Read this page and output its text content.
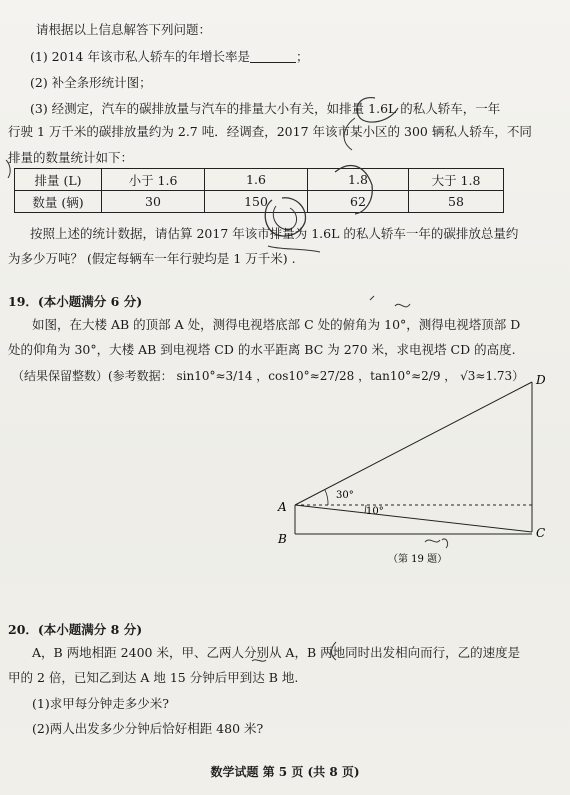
请根据以上信息解答下列问题：
(1) 2014 年该市私人轿车的年增长率是	；
(2) 补全条形统计图；
(3) 经测定，汽车的碳排放量与汽车的排量大小有关，如排量 1.6L 的私人轿车，一年
行驶 1 万千米的碳排放量约为 2.7 吨．经调查，2017 年该市某小区的 300 辆私人轿车，不同
排量的数量统计如下：
排量 (L)	小于 1.6	1.6	1.8	大于 1.8
数量 (辆)	30	150	62	58
按照上述的统计数据，请估算 2017 年该市排量为 1.6L 的私人轿车一年的碳排放总量约
为多少万吨？ (假定每辆车一年行驶均是 1 万千米) .
19．(本小题满分 6 分)
如图，在大楼 AB 的顶部 A 处，测得电视塔底部 C 处的俯角为 10°，测得电视塔顶部 D
处的仰角为 30°，大楼 AB 到电视塔 CD 的水平距离 BC 为 270 米，求电视塔 CD 的高度.
（结果保留整数）(参考数据： sin10°≈3/14 ，cos10°≈27/28 ，tan10°≈2/9 ， √3≈1.73） D
A
B	C
30°
10°
（第 19 题）
20．(本小题满分 8 分)
A，B 两地相距 2400 米，甲、乙两人分别从 A，B 两地同时出发相向而行，乙的速度是
甲的 2 倍，已知乙到达 A 地 15 分钟后甲到达 B 地.
(1)求甲每分钟走多少米?
(2)两人出发多少分钟后恰好相距 480 米?
数学试题 第 5 页 (共 8 页)
